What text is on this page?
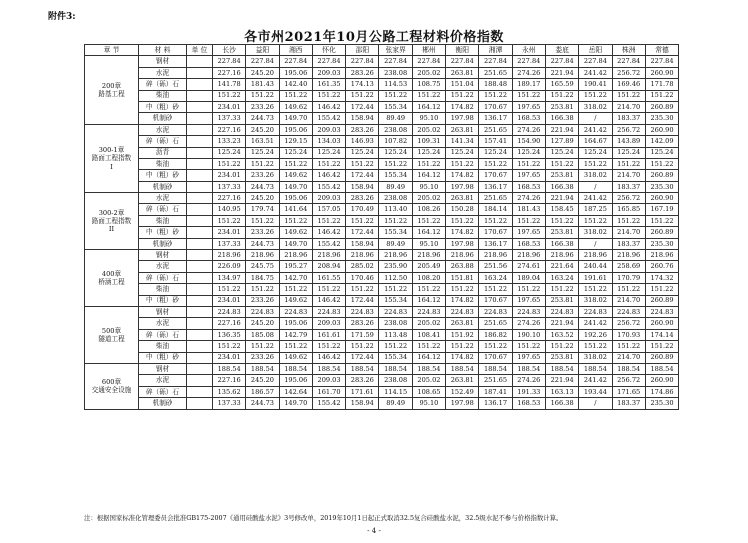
附件3:
各市州2021年10月公路工程材料价格指数
章 节	材 料	单 位	长沙	益阳	湘西	怀化	邵阳	张家界	郴州	衡阳	湘潭	永州	娄底	岳阳	株洲	常德

200章
路基工程	钢材		227.84	227.84	227.84	227.84	227.84	227.84	227.84	227.84	227.84	227.84	227.84	227.84	227.84	227.84
	水泥		227.16	245.20	195.06	209.03	283.26	238.08	205.02	263.81	251.65	274.26	221.94	241.42	256.72	260.90
	碎（砾）石		141.78	181.43	142.40	161.35	174.13	114.53	108.75	151.04	188.48	189.17	165.59	190.41	169.46	171.78
	柴油		151.22	151.22	151.22	151.22	151.22	151.22	151.22	151.22	151.22	151.22	151.22	151.22	151.22	151.22
	中（粗）砂		234.01	233.26	149.62	146.42	172.44	155.34	164.12	174.82	170.67	197.65	253.81	318.02	214.70	260.89
	机制砂		137.33	244.73	149.70	155.42	158.94	89.49	95.10	197.98	136.17	168.53	166.38	/	183.37	235.30

300-1章
路面工程指数
I	水泥		227.16	245.20	195.06	209.03	283.26	238.08	205.02	263.81	251.65	274.26	221.94	241.42	256.72	260.90
	碎（砾）石		133.23	163.51	129.15	134.03	146.93	107.82	109.31	141.34	157.41	154.90	127.89	164.67	143.89	142.09
	沥青		125.24	125.24	125.24	125.24	125.24	125.24	125.24	125.24	125.24	125.24	125.24	125.24	125.24	125.24
	柴油		151.22	151.22	151.22	151.22	151.22	151.22	151.22	151.22	151.22	151.22	151.22	151.22	151.22	151.22
	中（粗）砂		234.01	233.26	149.62	146.42	172.44	155.34	164.12	174.82	170.67	197.65	253.81	318.02	214.70	260.89
	机制砂		137.33	244.73	149.70	155.42	158.94	89.49	95.10	197.98	136.17	168.53	166.38	/	183.37	235.30

300-2章
路面工程指数
II	水泥		227.16	245.20	195.06	209.03	283.26	238.08	205.02	263.81	251.65	274.26	221.94	241.42	256.72	260.90
	碎（砾）石		140.95	179.74	141.64	157.05	170.49	113.40	108.26	150.28	184.14	181.43	158.45	187.25	165.85	167.19
	柴油		151.22	151.22	151.22	151.22	151.22	151.22	151.22	151.22	151.22	151.22	151.22	151.22	151.22	151.22
	中（粗）砂		234.01	233.26	149.62	146.42	172.44	155.34	164.12	174.82	170.67	197.65	253.81	318.02	214.70	260.89
	机制砂		137.33	244.73	149.70	155.42	158.94	89.49	95.10	197.98	136.17	168.53	166.38	/	183.37	235.30

400章
桥涵工程	钢材		218.96	218.96	218.96	218.96	218.96	218.96	218.96	218.96	218.96	218.96	218.96	218.96	218.96	218.96
	水泥		226.09	245.75	195.27	208.94	285.02	235.90	205.49	263.88	251.56	274.61	221.64	240.44	258.69	260.76
	碎（砾）石		134.97	184.75	142.70	161.55	170.46	112.50	108.20	151.81	163.24	189.04	163.24	191.61	170.79	174.32
	柴油		151.22	151.22	151.22	151.22	151.22	151.22	151.22	151.22	151.22	151.22	151.22	151.22	151.22	151.22
	中（粗）砂		234.01	233.26	149.62	146.42	172.44	155.34	164.12	174.82	170.67	197.65	253.81	318.02	214.70	260.89

500章
隧道工程	钢材		224.83	224.83	224.83	224.83	224.83	224.83	224.83	224.83	224.83	224.83	224.83	224.83	224.83	224.83
	水泥		227.16	245.20	195.06	209.03	283.26	238.08	205.02	263.81	251.65	274.26	221.94	241.42	256.72	260.90
	碎（砾）石		136.35	185.08	142.79	161.61	171.59	113.48	108.41	151.92	186.82	190.10	163.52	192.26	170.93	174.14
	柴油		151.22	151.22	151.22	151.22	151.22	151.22	151.22	151.22	151.22	151.22	151.22	151.22	151.22	151.22
	中（粗）砂		234.01	233.26	149.62	146.42	172.44	155.34	164.12	174.82	170.67	197.65	253.81	318.02	214.70	260.89

600章
交通安全设施	钢材		188.54	188.54	188.54	188.54	188.54	188.54	188.54	188.54	188.54	188.54	188.54	188.54	188.54	188.54
	水泥		227.16	245.20	195.06	209.03	283.26	238.08	205.02	263.81	251.65	274.26	221.94	241.42	256.72	260.90
	碎（砾）石		135.62	186.57	142.64	161.70	171.61	114.15	108.65	152.49	187.41	191.33	163.13	193.44	171.65	174.86
	机制砂		137.33	244.73	149.70	155.42	158.94	89.49	95.10	197.98	136.17	168.53	166.38	/	183.37	235.30
注：根据国家标准化管理委员会批准GB175-2007《通用硅酸盐水泥》3号修改单，2019年10月1日起正式取消32.5复合硅酸盐水泥，32.5级水泥不参与价格指数计算。
- 4 -
